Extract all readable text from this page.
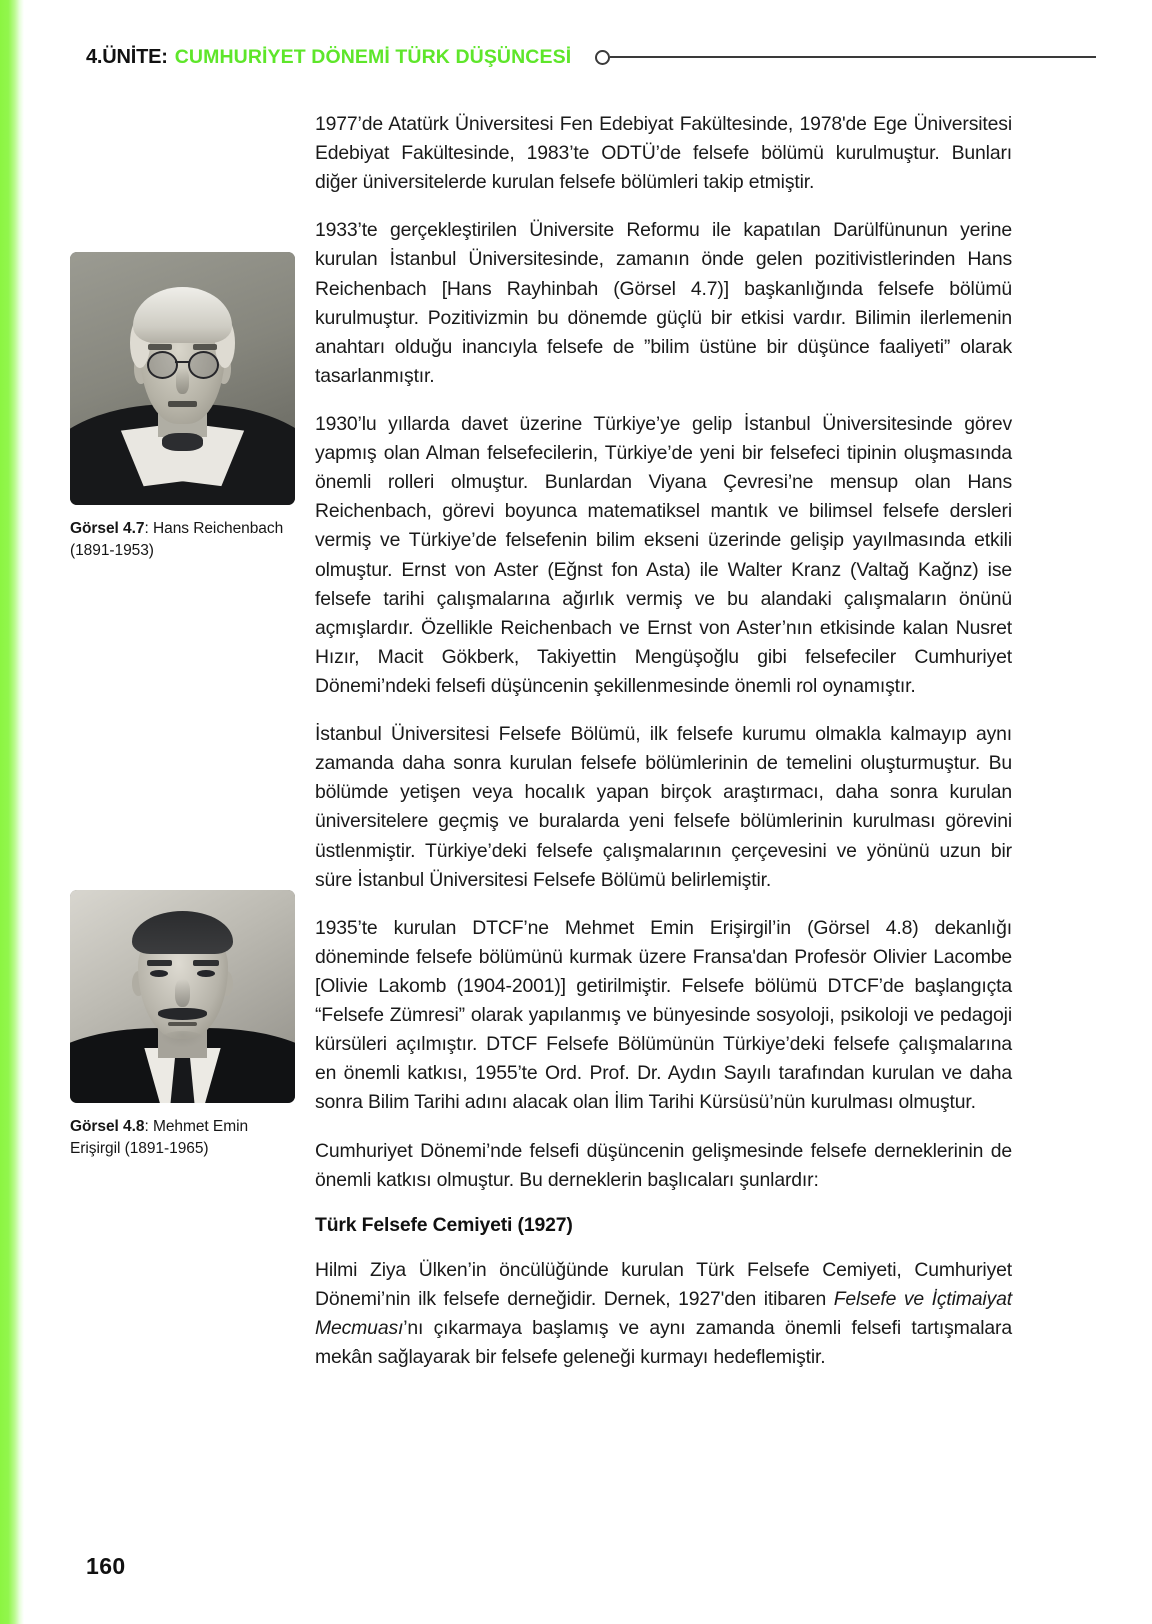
4.ÜNİTE: CUMHURİYET DÖNEMİ TÜRK DÜŞÜNCESİ
Görsel 4.7: Hans Reichenbach (1891-1953)
Görsel 4.8: Mehmet Emin Erişirgil (1891-1965)

1977’de Atatürk Üniversitesi Fen Edebiyat Fakültesinde, 1978'de Ege Üniversitesi Edebiyat Fakültesinde, 1983’te ODTÜ’de felsefe bölümü kurulmuştur. Bunları diğer üniversitelerde kurulan felsefe bölümleri takip etmiştir.

1933’te gerçekleştirilen Üniversite Reformu ile kapatılan Darülfünunun yerine kurulan İstanbul Üniversitesinde, zamanın önde gelen pozitivistlerinden Hans Reichenbach [Hans Rayhinbah (Görsel 4.7)] başkanlığında felsefe bölümü kurulmuştur. Pozitivizmin bu dönemde güçlü bir etkisi vardır. Bilimin ilerlemenin anahtarı olduğu inancıyla felsefe de ”bilim üstüne bir düşünce faaliyeti” olarak tasarlanmıştır.

1930’lu yıllarda davet üzerine Türkiye’ye gelip İstanbul Üniversitesinde görev yapmış olan Alman felsefecilerin, Türkiye’de yeni bir felsefeci tipinin oluşmasında önemli rolleri olmuştur. Bunlardan Viyana Çevresi’ne mensup olan Hans Reichenbach, görevi boyunca matematiksel mantık ve bilimsel felsefe dersleri vermiş ve Türkiye’de felsefenin bilim ekseni üzerinde gelişip yayılmasında etkili olmuştur. Ernst von Aster (Eğnst fon Asta) ile Walter Kranz (Valtağ Kağnz) ise felsefe tarihi çalışmalarına ağırlık vermiş ve bu alandaki çalışmaların önünü açmışlardır. Özellikle Reichenbach ve Ernst von Aster’nın etkisinde kalan Nusret Hızır, Macit Gökberk, Takiyettin Mengüşoğlu gibi felsefeciler Cumhuriyet Dönemi’ndeki felsefi düşüncenin şekillenmesinde önemli rol oynamıştır.

İstanbul Üniversitesi Felsefe Bölümü, ilk felsefe kurumu olmakla kalmayıp aynı zamanda daha sonra kurulan felsefe bölümlerinin de temelini oluşturmuştur. Bu bölümde yetişen veya hocalık yapan birçok araştırmacı, daha sonra kurulan üniversitelere geçmiş ve buralarda yeni felsefe bölümlerinin kurulması görevini üstlenmiştir. Türkiye’deki felsefe çalışmalarının çerçevesini ve yönünü uzun bir süre İstanbul Üniversitesi Felsefe Bölümü belirlemiştir.

1935’te kurulan DTCF’ne Mehmet Emin Erişirgil’in (Görsel 4.8) dekanlığı döneminde felsefe bölümünü kurmak üzere Fransa'dan Profesör Olivier Lacombe [Olivie Lakomb (1904-2001)] getirilmiştir. Felsefe bölümü DTCF’de başlangıçta “Felsefe Zümresi” olarak yapılanmış ve bünyesinde sosyoloji, psikoloji ve pedagoji kürsüleri açılmıştır. DTCF Felsefe Bölümünün Türkiye’deki felsefe çalışmalarına en önemli katkısı, 1955’te Ord. Prof. Dr. Aydın Sayılı tarafından kurulan ve daha sonra Bilim Tarihi adını alacak olan İlim Tarihi Kürsüsü’nün kurulması olmuştur.

Cumhuriyet Dönemi’nde felsefi düşüncenin gelişmesinde felsefe derneklerinin de önemli katkısı olmuştur. Bu derneklerin başlıcaları şunlardır:

Türk Felsefe Cemiyeti (1927)

Hilmi Ziya Ülken’in öncülüğünde kurulan Türk Felsefe Cemiyeti, Cumhuriyet Dönemi’nin ilk felsefe derneğidir. Dernek, 1927'den itibaren Felsefe ve İçtimaiyat Mecmuası’nı çıkarmaya başlamış ve aynı zamanda önemli felsefi tartışmalara mekân sağlayarak bir felsefe geleneği kurmayı hedeflemiştir.

160
